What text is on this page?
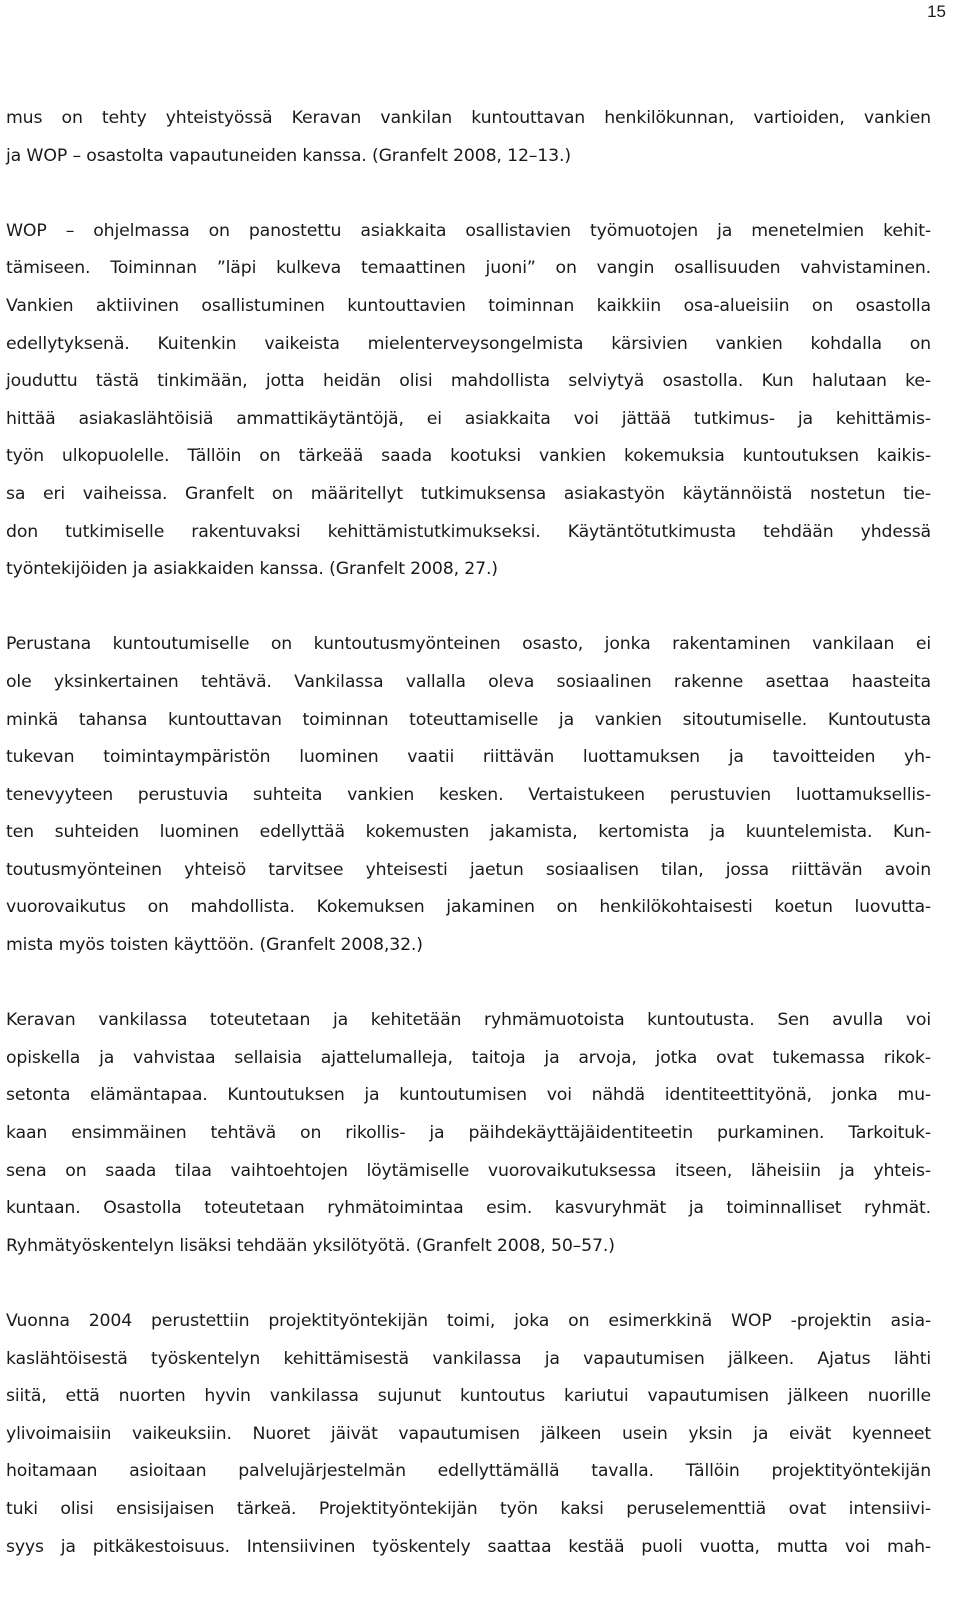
15
mus on tehty yhteistyössä Keravan vankilan kuntouttavan henkilökunnan, vartioiden, vankien
ja WOP – osastolta vapautuneiden kanssa. (Granfelt 2008, 12–13.)
WOP – ohjelmassa on panostettu asiakkaita osallistavien työmuotojen ja menetelmien kehit-
tämiseen. Toiminnan ”läpi kulkeva temaattinen juoni” on vangin osallisuuden vahvistaminen.
Vankien aktiivinen osallistuminen kuntouttavien toiminnan kaikkiin osa-alueisiin on osastolla
edellytyksenä. Kuitenkin vaikeista mielenterveysongelmista kärsivien vankien kohdalla on
jouduttu tästä tinkimään, jotta heidän olisi mahdollista selviytyä osastolla. Kun halutaan ke-
hittää asiakaslähtöisiä ammattikäytäntöjä, ei asiakkaita voi jättää tutkimus- ja kehittämis-
työn ulkopuolelle. Tällöin on tärkeää saada kootuksi vankien kokemuksia kuntoutuksen kaikis-
sa eri vaiheissa. Granfelt on määritellyt tutkimuksensa asiakastyön käytännöistä nostetun tie-
don tutkimiselle rakentuvaksi kehittämistutkimukseksi. Käytäntötutkimusta tehdään yhdessä
työntekijöiden ja asiakkaiden kanssa. (Granfelt 2008, 27.)
Perustana kuntoutumiselle on kuntoutusmyönteinen osasto, jonka rakentaminen vankilaan ei
ole yksinkertainen tehtävä. Vankilassa vallalla oleva sosiaalinen rakenne asettaa haasteita
minkä tahansa kuntouttavan toiminnan toteuttamiselle ja vankien sitoutumiselle. Kuntoutusta
tukevan toimintaympäristön luominen vaatii riittävän luottamuksen ja tavoitteiden yh-
tenevyyteen perustuvia suhteita vankien kesken. Vertaistukeen perustuvien luottamuksellis-
ten suhteiden luominen edellyttää kokemusten jakamista, kertomista ja kuuntelemista. Kun-
toutusmyönteinen yhteisö tarvitsee yhteisesti jaetun sosiaalisen tilan, jossa riittävän avoin
vuorovaikutus on mahdollista. Kokemuksen jakaminen on henkilökohtaisesti koetun luovutta-
mista myös toisten käyttöön. (Granfelt 2008,32.)
Keravan vankilassa toteutetaan ja kehitetään ryhmämuotoista kuntoutusta. Sen avulla voi
opiskella ja vahvistaa sellaisia ajattelumalleja, taitoja ja arvoja, jotka ovat tukemassa rikok-
setonta elämäntapaa. Kuntoutuksen ja kuntoutumisen voi nähdä identiteettityönä, jonka mu-
kaan ensimmäinen tehtävä on rikollis- ja päihdekäyttäjäidentiteetin purkaminen. Tarkoituk-
sena on saada tilaa vaihtoehtojen löytämiselle vuorovaikutuksessa itseen, läheisiin ja yhteis-
kuntaan. Osastolla toteutetaan ryhmätoimintaa esim. kasvuryhmät ja toiminnalliset ryhmät.
Ryhmätyöskentelyn lisäksi tehdään yksilötyötä. (Granfelt 2008, 50–57.)
Vuonna 2004 perustettiin projektityöntekijän toimi, joka on esimerkkinä WOP -projektin asia-
kaslähtöisestä työskentelyn kehittämisestä vankilassa ja vapautumisen jälkeen. Ajatus lähti
siitä, että nuorten hyvin vankilassa sujunut kuntoutus kariutui vapautumisen jälkeen nuorille
ylivoimaisiin vaikeuksiin. Nuoret jäivät vapautumisen jälkeen usein yksin ja eivät kyenneet
hoitamaan asioitaan palvelujärjestelmän edellyttämällä tavalla. Tällöin projektityöntekijän
tuki olisi ensisijaisen tärkeä. Projektityöntekijän työn kaksi peruselementtiä ovat intensiivi-
syys ja pitkäkestoisuus. Intensiivinen työskentely saattaa kestää puoli vuotta, mutta voi mah-
